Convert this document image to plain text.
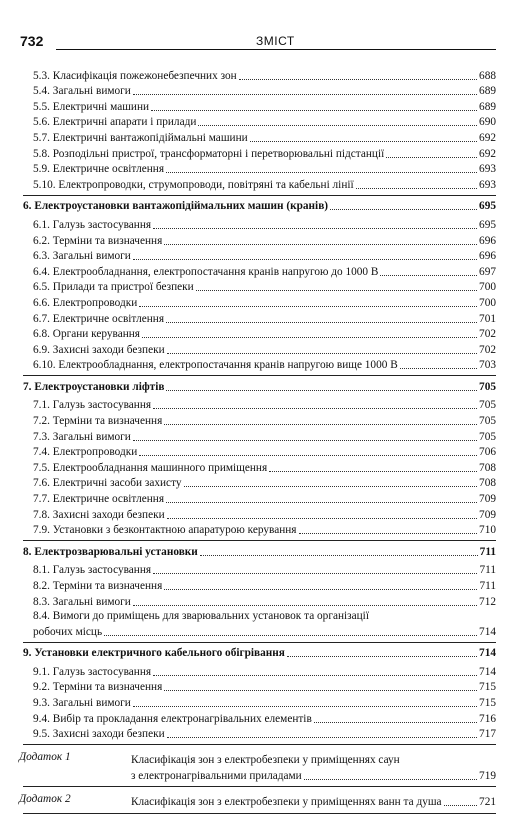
732	ЗМІСТ
5.3. Класифікація пожежонебезпечних зон	688
5.4. Загальні вимоги	689
5.5. Електричні машини	689
5.6. Електричні апарати і прилади	690
5.7. Електричні вантажопідіймальні машини	692
5.8. Розподільні пристрої, трансформаторні і перетворювальні підстанції	692
5.9. Електричне освітлення	693
5.10. Електропроводки, струмопроводи, повітряні та кабельні лінії	693
6. Електроустановки вантажопідіймальних машин (кранів)	695
6.1. Галузь застосування	695
6.2. Терміни та визначення	696
6.3. Загальні вимоги	696
6.4. Електрообладнання, електропостачання кранів напругою до 1000 В	697
6.5. Прилади та пристрої безпеки	700
6.6. Електропроводки	700
6.7. Електричне освітлення	701
6.8. Органи керування	702
6.9. Захисні заходи безпеки	702
6.10. Електрообладнання, електропостачання кранів напругою вище 1000 В	703
7. Електроустановки ліфтів	705
7.1. Галузь застосування	705
7.2. Терміни та визначення	705
7.3. Загальні вимоги	705
7.4. Електропроводки	706
7.5. Електрообладнання машинного приміщення	708
7.6. Електричні засоби захисту	708
7.7. Електричне освітлення	709
7.8. Захисні заходи безпеки	709
7.9. Установки з безконтактною апаратурою керування	710
8. Електрозварювальні установки	711
8.1. Галузь застосування	711
8.2. Терміни та визначення	711
8.3. Загальні вимоги	712
8.4. Вимоги до приміщень для зварювальних установок та організації
робочих місць	714
9. Установки електричного кабельного обігрівання	714
9.1. Галузь застосування	714
9.2. Терміни та визначення	715
9.3. Загальні вимоги	715
9.4. Вибір та прокладання електронагрівальних елементів	716
9.5. Захисні заходи безпеки	717
Додаток 1	Класифікація зон з електробезпеки у приміщеннях саун
з електронагрівальними приладами	719
Додаток 2	Класифікація зон з електробезпеки у приміщеннях ванн та душа	721
